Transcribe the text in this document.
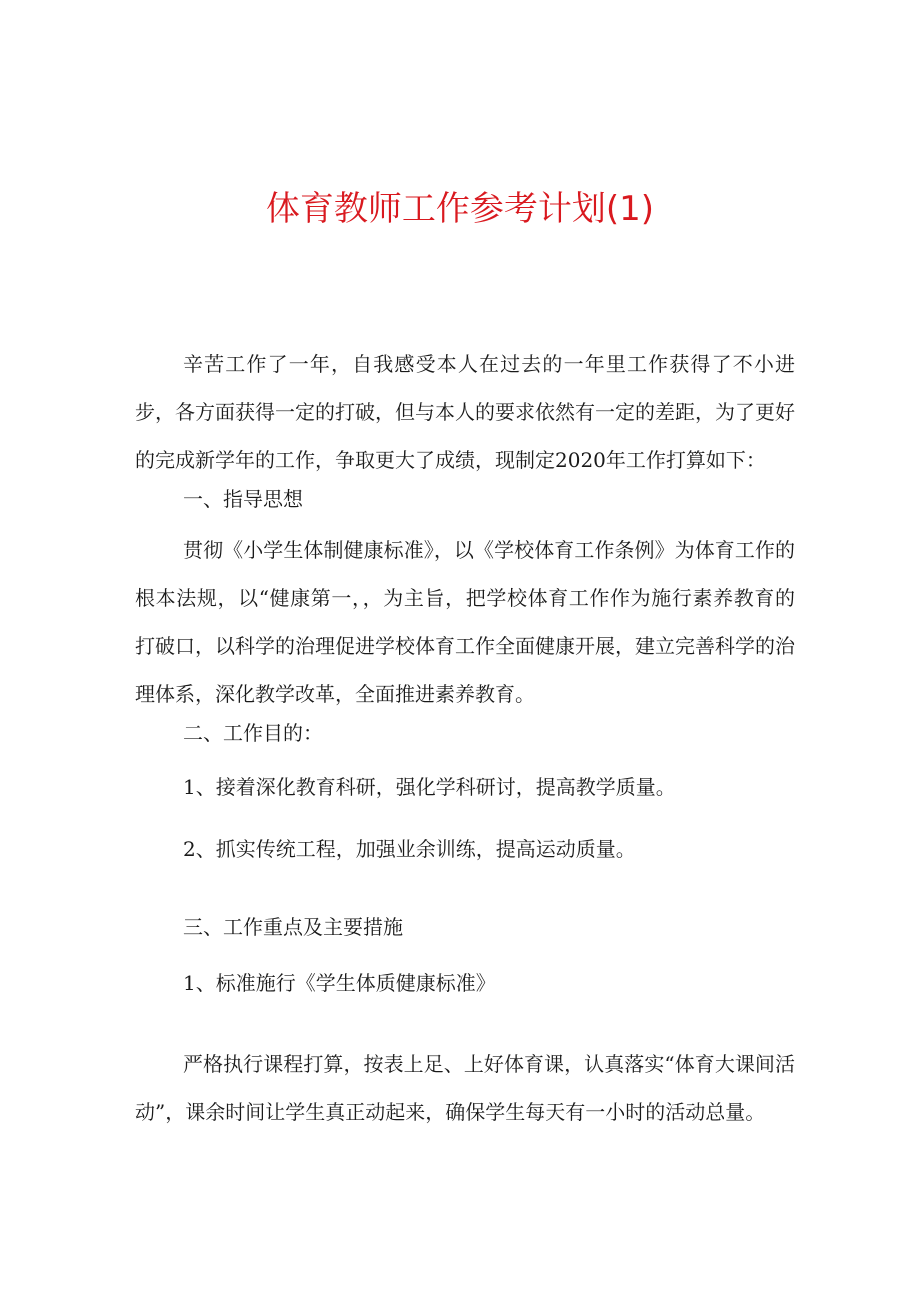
体育教师工作参考计划(1)

辛苦工作了一年，自我感受本人在过去的一年里工作获得了不小进步，各方面获得一定的打破，但与本人的要求依然有一定的差距，为了更好的完成新学年的工作，争取更大了成绩，现制定2020年工作打算如下：

一、指导思想

贯彻《小学生体制健康标准》，以《学校体育工作条例》为体育工作的根本法规，以“健康第一，，为主旨，把学校体育工作作为施行素养教育的打破口，以科学的治理促进学校体育工作全面健康开展，建立完善科学的治理体系，深化教学改革，全面推进素养教育。

二、工作目的：

1、接着深化教育科研，强化学科研讨，提高教学质量。

2、抓实传统工程，加强业余训练，提高运动质量。

三、工作重点及主要措施

1、标准施行《学生体质健康标准》

严格执行课程打算，按表上足、上好体育课，认真落实“体育大课间活动”，课余时间让学生真正动起来，确保学生每天有一小时的活动总量。
